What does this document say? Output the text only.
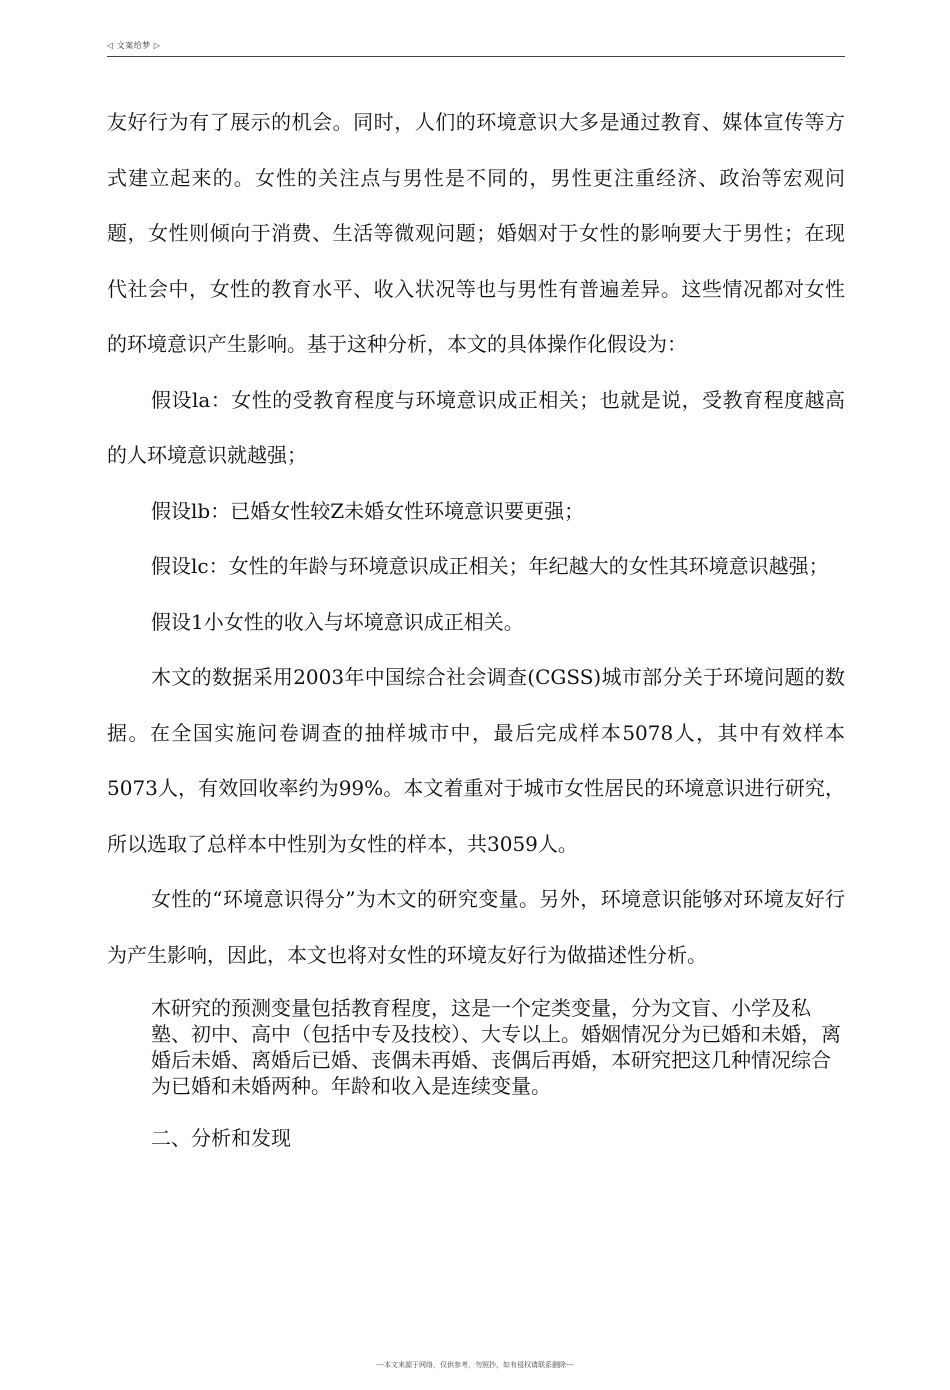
◁ 文案给梦 ▷

友好行为有了展示的机会。同时，人们的环境意识大多是通过教育、媒体宣传等方式建立起来的。女性的关注点与男性是不同的，男性更注重经济、政治等宏观问题，女性则倾向于消费、生活等微观问题；婚姻对于女性的影响要大于男性；在现代社会中，女性的教育水平、收入状况等也与男性有普遍差异。这些情况都对女性的环境意识产生影响。基于这种分析，本文的具体操作化假设为：

假设la：女性的受教育程度与环境意识成正相关；也就是说，受教育程度越高的人环境意识就越强；

假设lb：已婚女性较Z未婚女性环境意识要更强；

假设lc：女性的年龄与环境意识成正相关；年纪越大的女性其环境意识越强；

假设1小女性的收入与坏境意识成正相关。

木文的数据采用2003年中国综合社会调查(CGSS)城市部分关于环境问题的数据。在全国实施问卷调查的抽样城市中，最后完成样本5078人，其中有效样本5073人，有效回收率约为99%。本文着重对于城市女性居民的环境意识进行研究，所以选取了总样本中性别为女性的样本，共3059人。

女性的“环境意识得分”为木文的研究变量。另外，环境意识能够对环境友好行为产生影响，因此，本文也将对女性的环境友好行为做描述性分析。

木研究的预测变量包括教育程度，这是一个定类变量，分为文盲、小学及私塾、初中、高中（包括中专及技校）、大专以上。婚姻情况分为已婚和未婚，离婚后未婚、离婚后已婚、丧偶未再婚、丧偶后再婚，本研究把这几种情况综合为已婚和未婚两种。年龄和收入是连续变量。

二、分析和发现

---本文来源于网络，仅供参考，勿照抄，如有侵权请联系删除---
